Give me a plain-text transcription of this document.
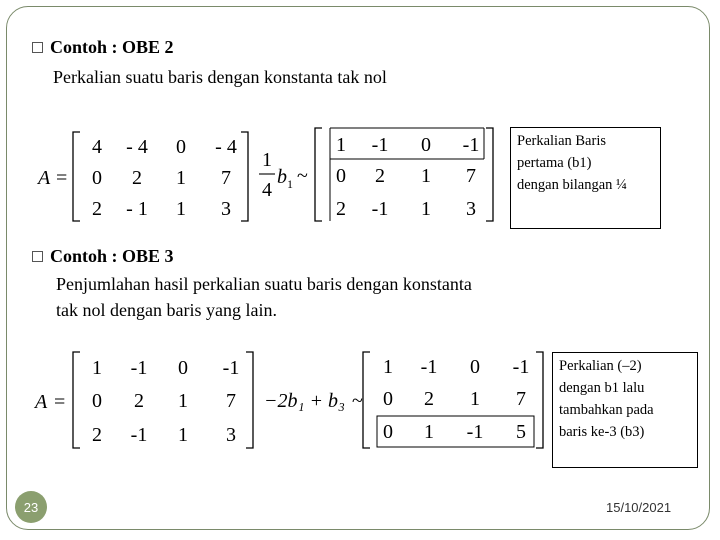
Contoh : OBE 2
Perkalian suatu baris dengan konstanta tak nol
A =
4 - 4 0 - 4
0 2 1 7
2 - 1 1 3
1
4
b 1 ~
1 -1 0 -1
0 2 1 7
2 -1 1 3
Perkalian Baris
pertama (b1)
dengan bilangan ¼
Contoh : OBE 3
Penjumlahan hasil perkalian suatu baris dengan konstanta
tak nol dengan baris yang lain.
A =
1 -1 0 -1
0 2 1 7
2 -1 1 3
−2b₁ + b₃ ~
1 -1 0 -1
0 2 1 7
0 1 -1 5
Perkalian (–2)
dengan b1 lalu
tambahkan pada
baris ke-3 (b3)
23	15/10/2021
